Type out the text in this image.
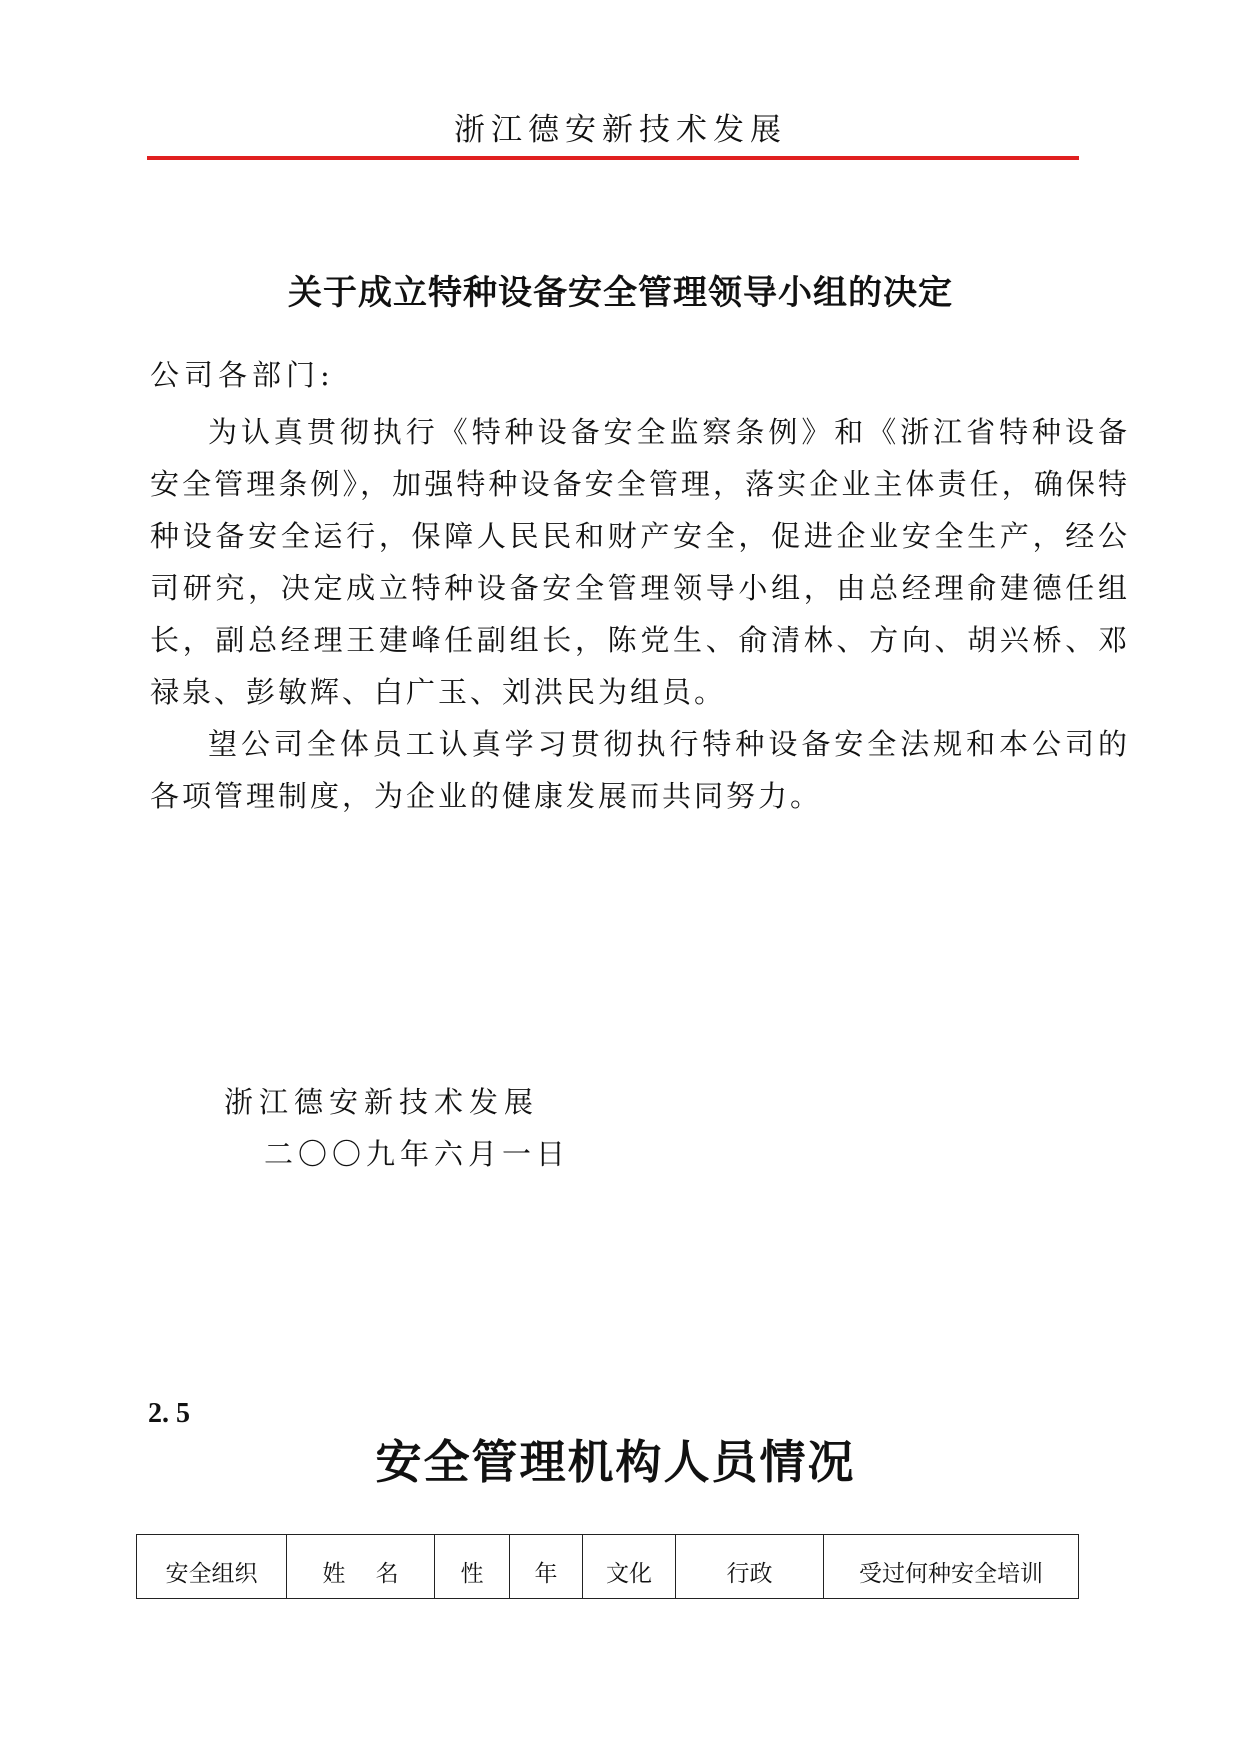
浙江德安新技术发展
关于成立特种设备安全管理领导小组的决定
公司各部门:

为认真贯彻执行《特种设备安全监察条例》和《浙江省特种设备安全管理条例》，加强特种设备安全管理，落实企业主体责任，确保特种设备安全运行，保障人民民和财产安全，促进企业安全生产，经公司研究，决定成立特种设备安全管理领导小组，由总经理俞建德任组长，副总经理王建峰任副组长，陈党生、俞清林、方向、胡兴桥、邓禄泉、彭敏辉、白广玉、刘洪民为组员。

望公司全体员工认真学习贯彻执行特种设备安全法规和本公司的各项管理制度，为企业的健康发展而共同努力。

浙江德安新技术发展
二〇〇九年六月一日
2. 5
安全管理机构人员情况
安全组织	姓　 名	性	年	文化	行政	受过何种安全培训
